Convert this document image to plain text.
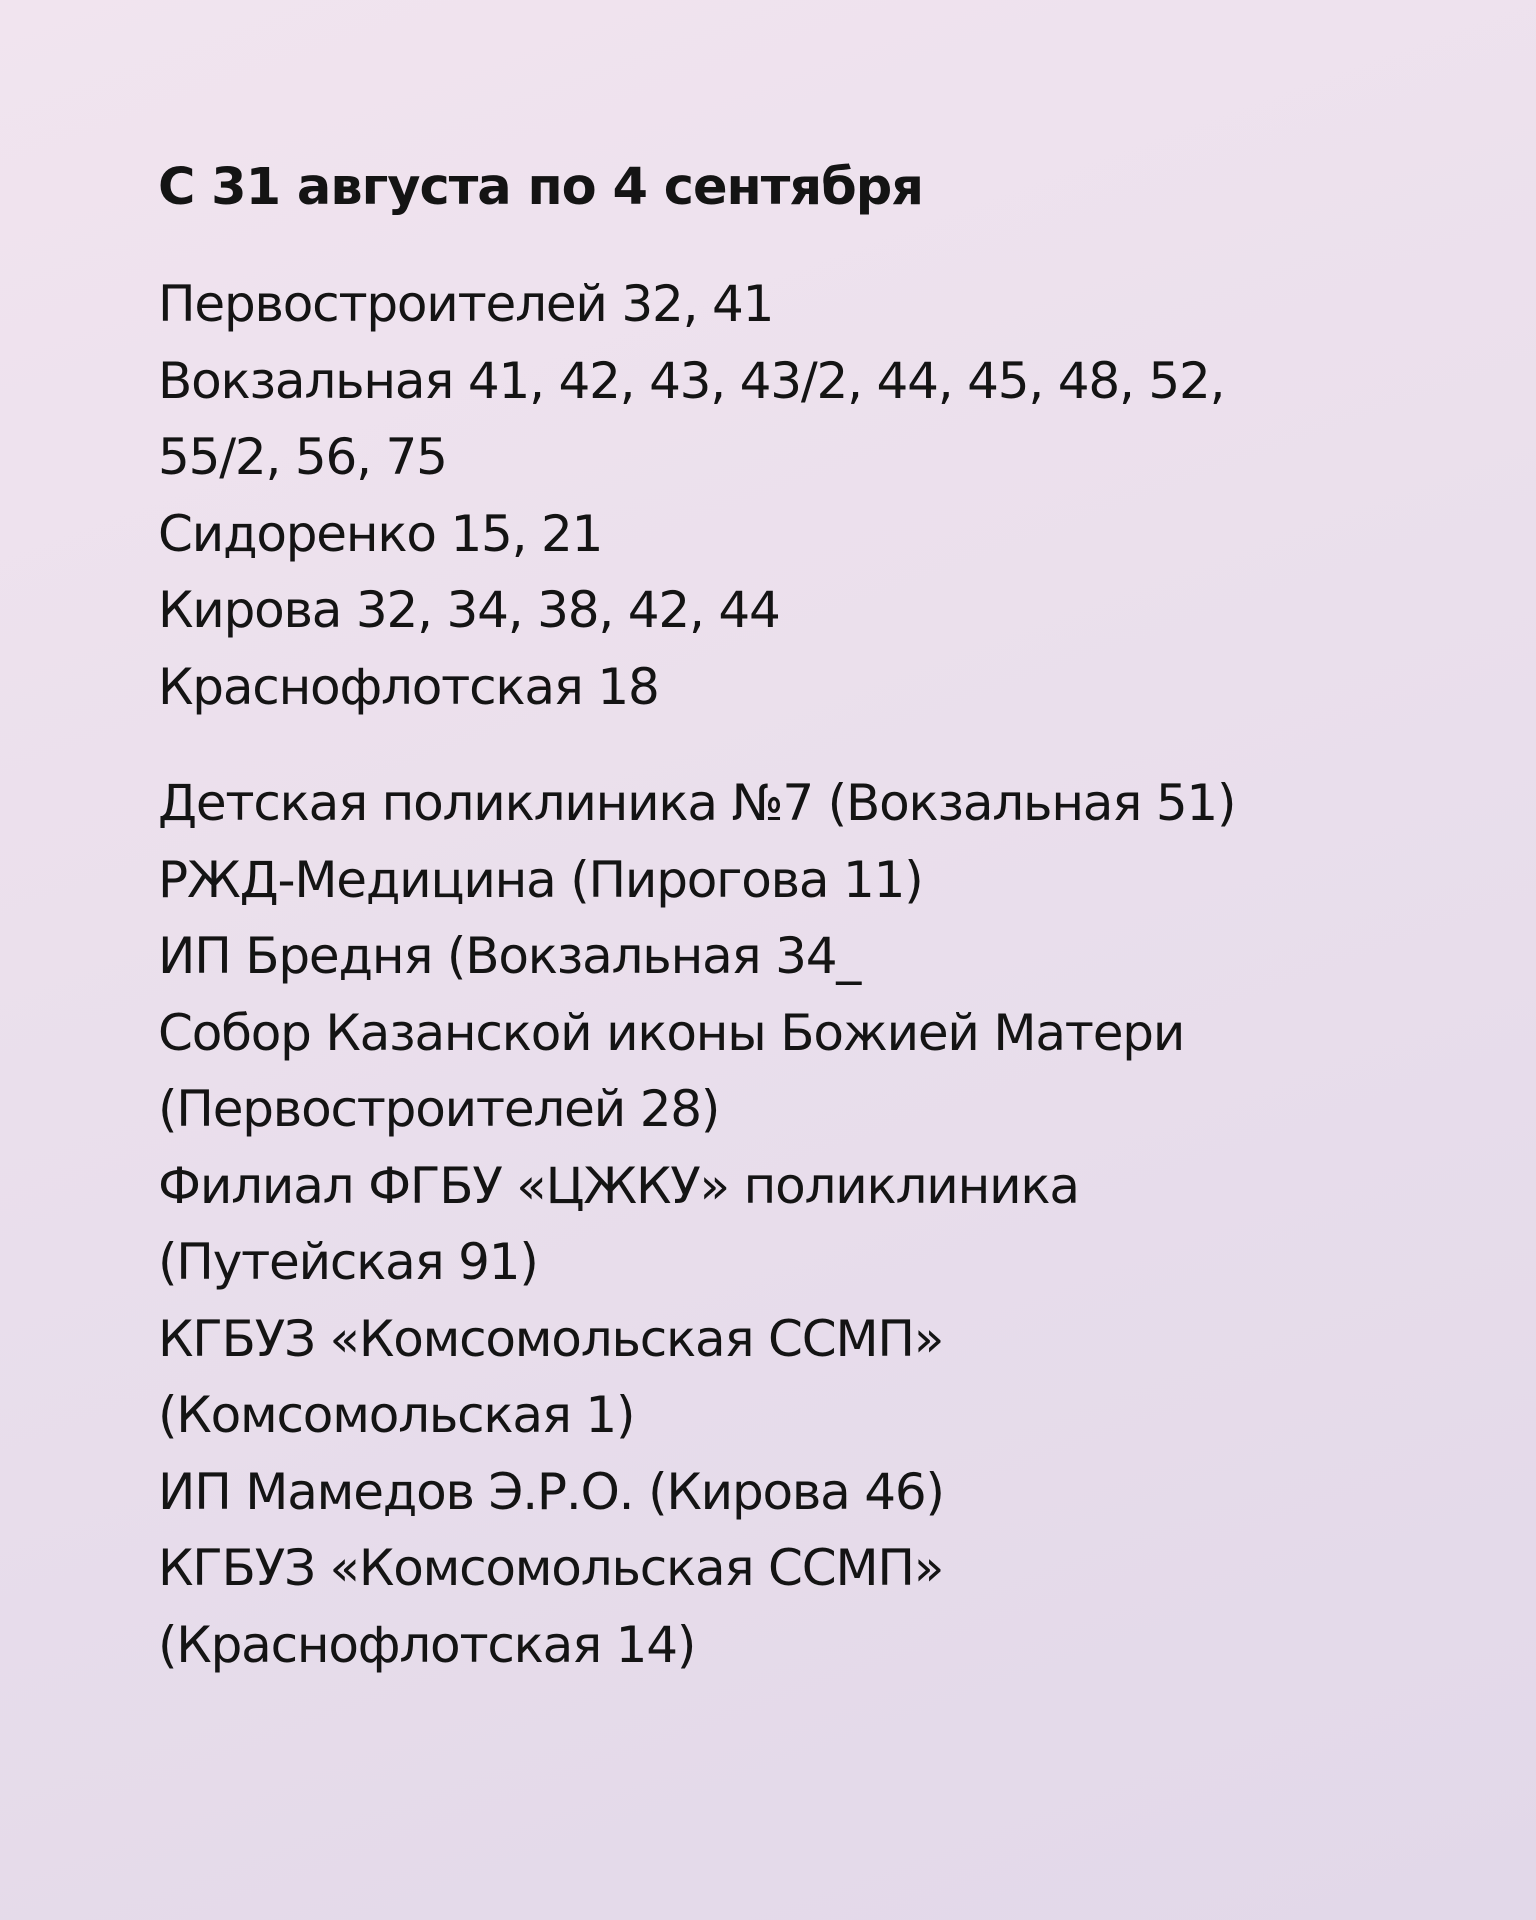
С 31 августа по 4 сентября
Первостроителей 32, 41
Вокзальная 41, 42, 43, 43/2, 44, 45, 48, 52,
55/2, 56, 75
Сидоренко 15, 21
Кирова 32, 34, 38, 42, 44
Краснофлотская 18
Детская поликлиника №7 (Вокзальная 51)
РЖД-Медицина (Пирогова 11)
ИП Бредня (Вокзальная 34_
Собор Казанской иконы Божией Матери
(Первостроителей 28)
Филиал ФГБУ «ЦЖКУ» поликлиника
(Путейская 91)
КГБУЗ «Комсомольская ССМП»
(Комсомольская 1)
ИП Мамедов Э.Р.О. (Кирова 46)
КГБУЗ «Комсомольская ССМП»
(Краснофлотская 14)
